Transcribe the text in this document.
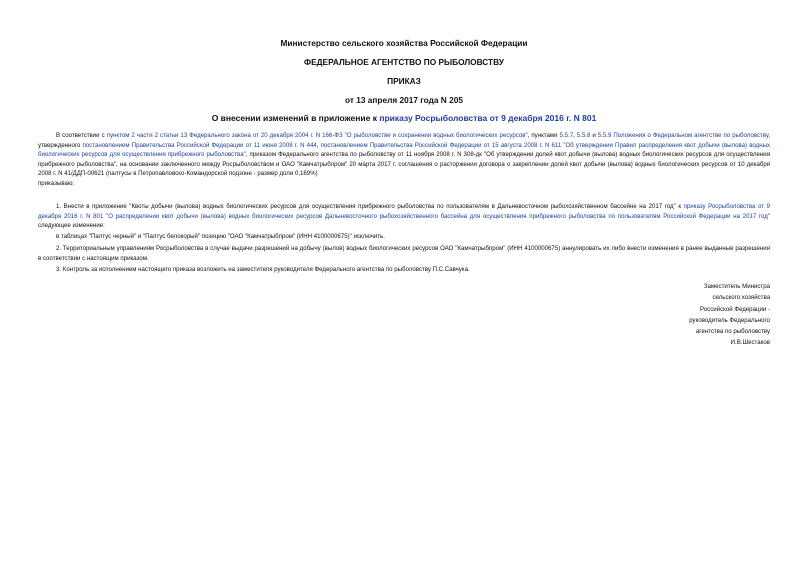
Министерство сельского хозяйства Российской Федерации
ФЕДЕРАЛЬНОЕ АГЕНТСТВО ПО РЫБОЛОВСТВУ
ПРИКАЗ
от 13 апреля 2017 года N 205
О внесении изменений в приложение к приказу Росрыболовства от 9 декабря 2016 г. N 801
В соответствии с пунктом 2 части 2 статьи 13 Федерального закона от 20 декабря 2004 г. N 166-ФЗ "О рыболовстве и сохранении водных биологических ресурсов", пунктами 5.5.7, 5.5.8 и 5.5.9 Положения о Федеральном агентстве по рыболовству, утвержденного постановлением Правительства Российской Федерации от 11 июня 2008 г. N 444, постановлением Правительства Российской Федерации от 15 августа 2008 г. N 611 "Об утверждении Правил распределения квот добычи (вылова) водных биологических ресурсов для осуществления прибрежного рыболовства", приказом Федерального агентства по рыболовству от 11 ноября 2008 г. N 308-дк "Об утверждении долей квот добычи (вылова) водных биологических ресурсов для осуществления прибрежного рыболовства", на основании заключенного между Росрыболовством и ОАО "Камчатрыбпром" 20 марта 2017 г. соглашения о расторжении договора о закреплении долей квот добычи (вылова) водных биологических ресурсов от 10 декабря 2008 г. N 41/ДДП-00621 (палтусы в Петропавловско-Командорской подзоне - размер доли 0,169%)
приказываю:
1. Внести в приложение "Квоты добычи (вылова) водных биологических ресурсов для осуществления прибрежного рыболовства по пользователям в Дальневосточном рыбохозяйственном бассейне на 2017 год" к приказу Росрыболовства от 9 декабря 2016 г. N 801 "О распределении квот добычи (вылова) водных биологических ресурсов Дальневосточного рыбохозяйственного бассейна для осуществления прибрежного рыболовства по пользователям Российской Федерации на 2017 год" следующее изменение:
в таблицах "Палтус черный" и "Палтус белокорый" позицию "ОАО "Камчатрыбпром" (ИНН 4100000675)" исключить.
2. Территориальным управлениям Росрыболовства в случае выдачи разрешений на добычу (вылов) водных биологических ресурсов ОАО "Камчатрыбпром" (ИНН 4100000675) аннулировать их либо внести изменения в ранее выданные разрешения в соответствии с настоящим приказом.
3. Контроль за исполнением настоящего приказа возложить на заместителя руководителя Федерального агентства по рыболовству П.С.Савчука.
Заместитель Министра
сельского хозяйства
Российской Федерации -
руководитель Федерального
агентства по рыболовству
И.В.Шестаков
